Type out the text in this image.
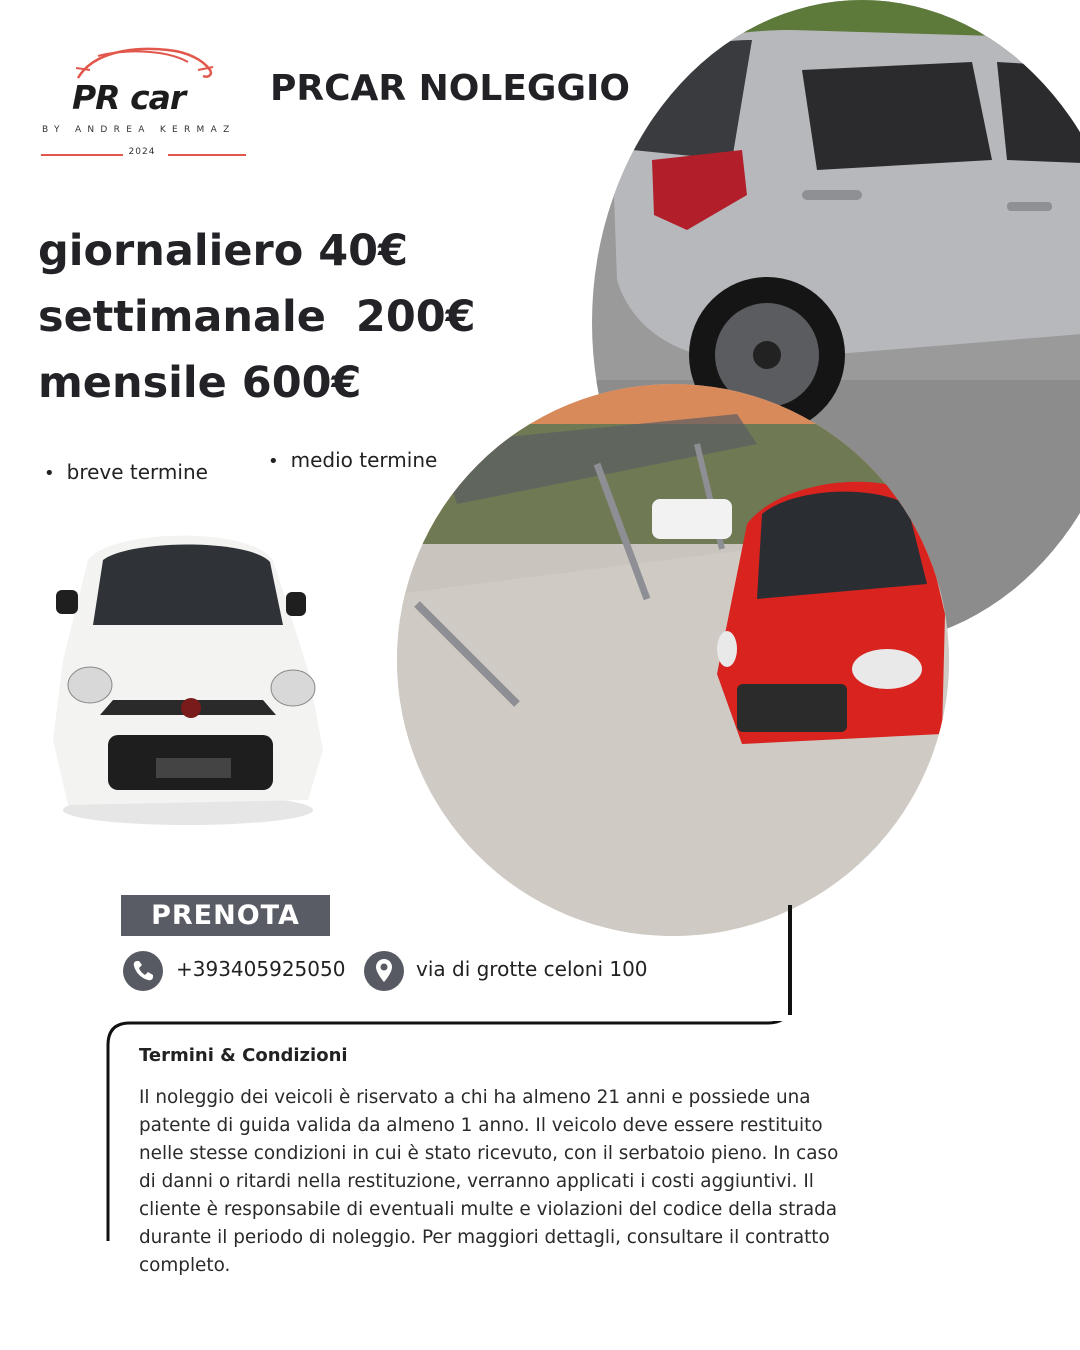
PR car
BY ANDREA KERMAZ
2024
PRCAR NOLEGGIO
giornaliero 40€
settimanale  200€
mensile 600€
• breve termine
•	medio termine
PRENOTA
+393405925050	via di grotte celoni 100
Termini & Condizioni
Il noleggio dei veicoli è riservato a chi ha almeno 21 anni e possiede una patente di guida valida da almeno 1 anno. Il veicolo deve essere restituito nelle stesse condizioni in cui è stato ricevuto, con il serbatoio pieno. In caso di danni o ritardi nella restituzione, verranno applicati i costi aggiuntivi. Il cliente è responsabile di eventuali multe e violazioni del codice della strada durante il periodo di noleggio. Per maggiori dettagli, consultare il contratto completo.
